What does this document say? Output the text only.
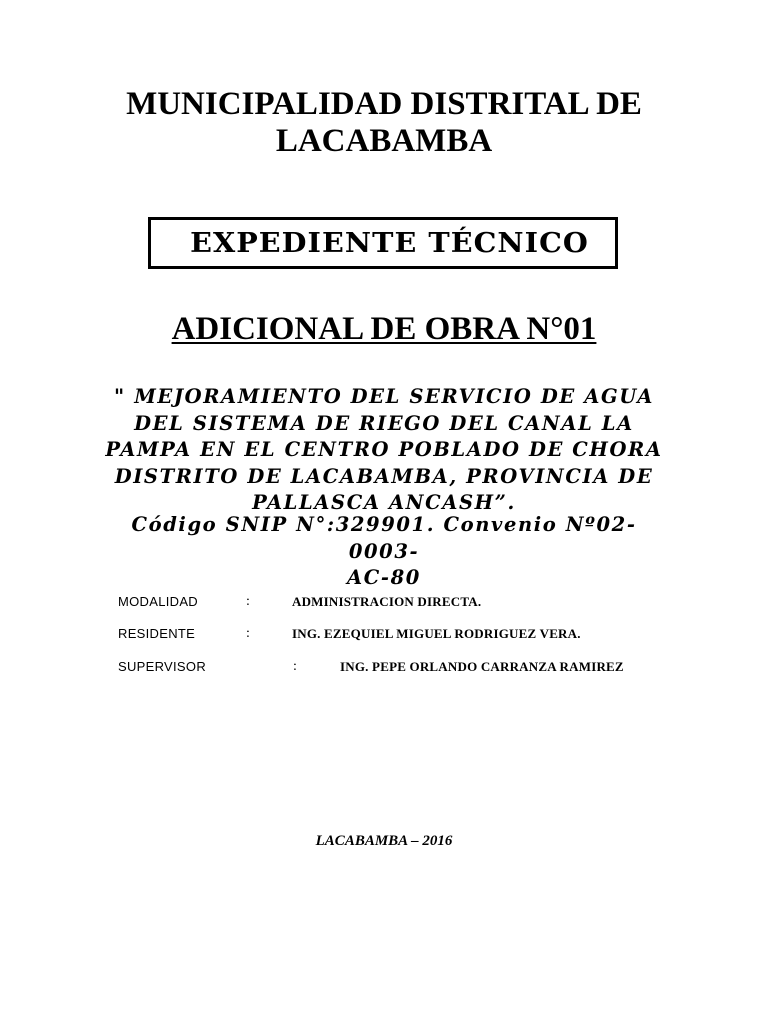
MUNICIPALIDAD DISTRITAL DE
LACABAMBA
EXPEDIENTE TÉCNICO
ADICIONAL DE OBRA N°01
" MEJORAMIENTO DEL SERVICIO DE AGUA
DEL SISTEMA DE RIEGO DEL CANAL LA
PAMPA EN EL CENTRO POBLADO DE CHORA
DISTRITO DE LACABAMBA, PROVINCIA DE
PALLASCA ANCASH”.
Código SNIP N°:329901. Convenio Nº02-0003-
AC-80
MODALIDAD	:	ADMINISTRACION DIRECTA.
RESIDENTE	:	ING. EZEQUIEL MIGUEL RODRIGUEZ VERA.
SUPERVISOR	:	ING. PEPE ORLANDO CARRANZA RAMIREZ

LACABAMBA – 2016
